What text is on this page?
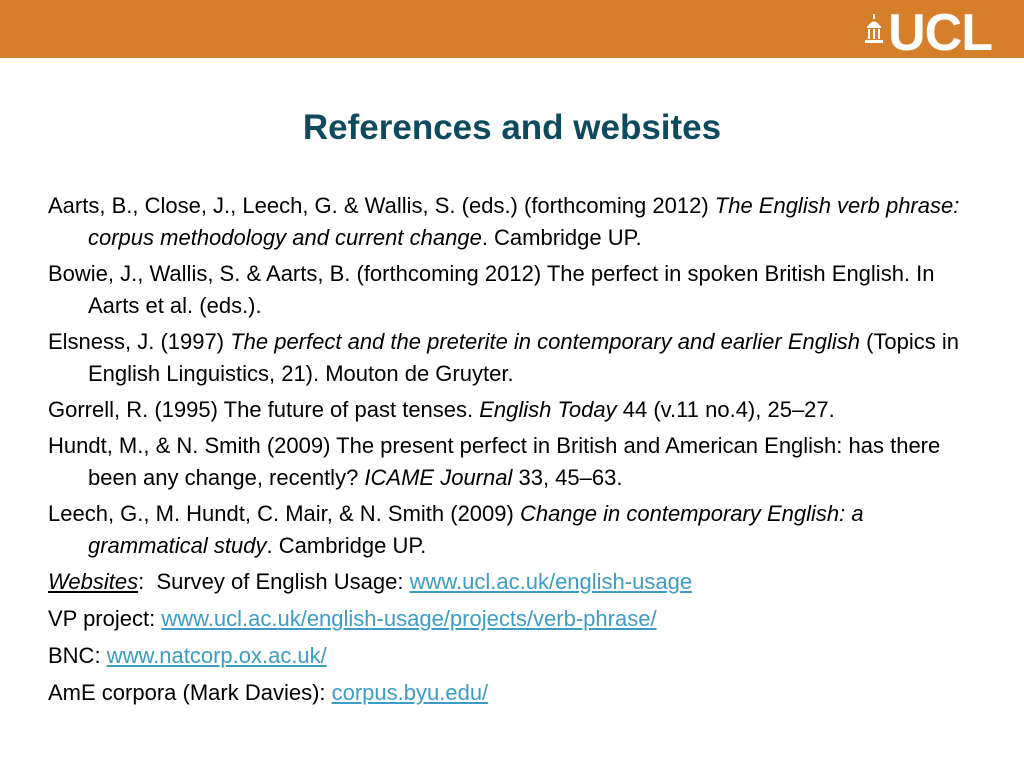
UCL
References and websites

Aarts, B., Close, J., Leech, G. & Wallis, S. (eds.) (forthcoming 2012) The English verb phrase: corpus methodology and current change. Cambridge UP.

Bowie, J., Wallis, S. & Aarts, B. (forthcoming 2012) The perfect in spoken British English. In Aarts et al. (eds.).

Elsness, J. (1997) The perfect and the preterite in contemporary and earlier English (Topics in English Linguistics, 21). Mouton de Gruyter.

Gorrell, R. (1995) The future of past tenses. English Today 44 (v.11 no.4), 25–27.

Hundt, M., & N. Smith (2009) The present perfect in British and American English: has there been any change, recently? ICAME Journal 33, 45–63.

Leech, G., M. Hundt, C. Mair, & N. Smith (2009) Change in contemporary English: a grammatical study. Cambridge UP.

Websites: Survey of English Usage: www.ucl.ac.uk/english-usage

VP project: www.ucl.ac.uk/english-usage/projects/verb-phrase/

BNC: www.natcorp.ox.ac.uk/

AmE corpora (Mark Davies): corpus.byu.edu/
